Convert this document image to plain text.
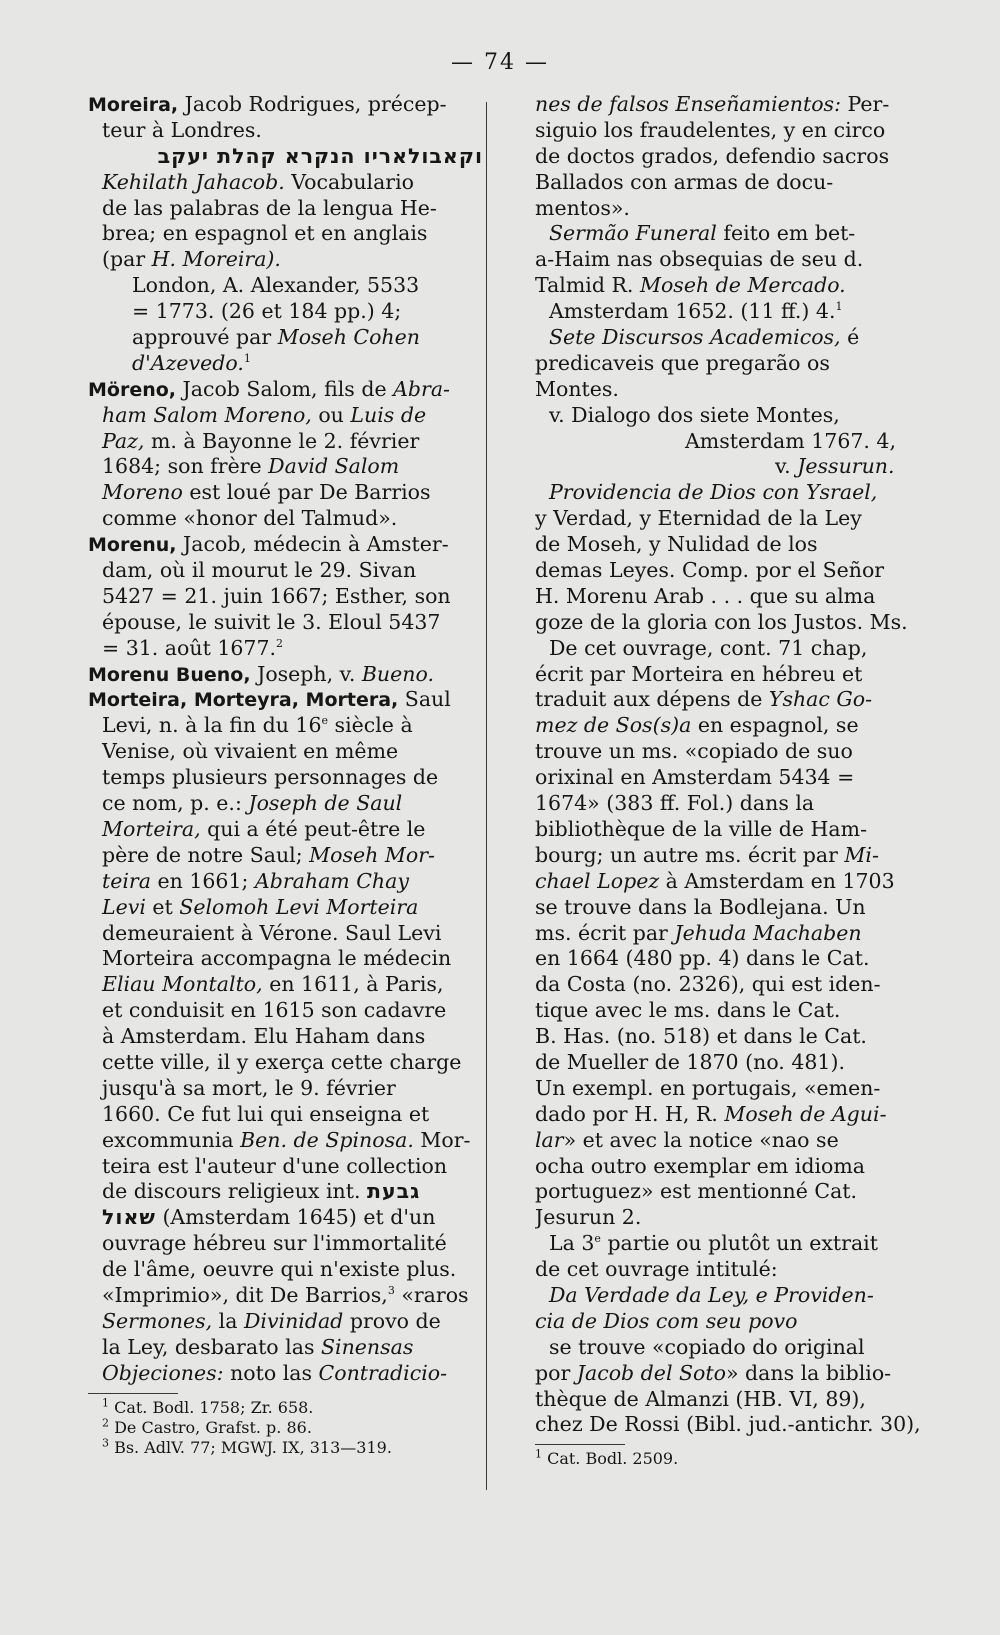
— 74 —
Moreira, Jacob Rodrigues, précep-
teur à Londres.
וקאבולאריו הנקרא קהלת יעקב
Kehilath Jahacob. Vocabulario
de las palabras de la lengua He-
brea; en espagnol et en anglais
(par H. Moreira).
London, A. Alexander, 5533
= 1773. (26 et 184 pp.) 4;
approuvé par Moseh Cohen
d'Azevedo.$^1$
Möreno, Jacob Salom, fils de Abra-
ham Salom Moreno, ou Luis de
Paz, m. à Bayonne le 2. février
1684; son frère David Salom
Moreno est loué par De Barrios
comme «honor del Talmud».
Morenu, Jacob, médecin à Amster-
dam, où il mourut le 29. Sivan
5427 = 21. juin 1667; Esther, son
épouse, le suivit le 3. Eloul 5437
= 31. août 1677.$^2$
Morenu Bueno, Joseph, v. Bueno.
Morteira, Morteyra, Mortera, Saul
Levi, n. à la fin du 16e siècle à
Venise, où vivaient en même
temps plusieurs personnages de
ce nom, p. e.: Joseph de Saul
Morteira, qui a été peut-être le
père de notre Saul; Moseh Mor-
teira en 1661; Abraham Chay
Levi et Selomoh Levi Morteira
demeuraient à Vérone. Saul Levi
Morteira accompagna le médecin
Eliau Montalto, en 1611, à Paris,
et conduisit en 1615 son cadavre
à Amsterdam. Elu Haham dans
cette ville, il y exerça cette charge
jusqu'à sa mort, le 9. février
1660. Ce fut lui qui enseigna et
excommunia Ben. de Spinosa. Mor-
teira est l'auteur d'une collection
de discours religieux int. גבעת
שאול (Amsterdam 1645) et d'un
ouvrage hébreu sur l'immortalité
de l'âme, oeuvre qui n'existe plus.
«Imprimio», dit De Barrios,$^3$ «raros
Sermones, la Divinidad provo de
la Ley, desbarato las Sinensas
Objeciones: noto las Contradicio-
$^1$ Cat. Bodl. 1758; Zr. 658.
$^2$ De Castro, Grafst. p. 86.
$^3$ Bs. AdlV. 77; MGWJ. IX, 313—319.
nes de falsos Enseñamientos: Per-
siguio los fraudelentes, y en circo
de doctos grados, defendio sacros
Ballados con armas de docu-
mentos».
Sermão Funeral feito em bet-
a-Haim nas obsequias de seu d.
Talmid R. Moseh de Mercado.
Amsterdam 1652. (11 ff.) 4.$^1$
Sete Discursos Academicos, é
predicaveis que pregarão os
Montes.
v. Dialogo dos siete Montes,
Amsterdam 1767. 4,
v. Jessurun.
Providencia de Dios con Ysrael,
y Verdad, y Eternidad de la Ley
de Moseh, y Nulidad de los
demas Leyes. Comp. por el Señor
H. Morenu Arab . . . que su alma
goze de la gloria con los Justos. Ms.
De cet ouvrage, cont. 71 chap,
écrit par Morteira en hébreu et
traduit aux dépens de Yshac Go-
mez de Sos(s)a en espagnol, se
trouve un ms. «copiado de suo
orixinal en Amsterdam 5434 =
1674» (383 ff. Fol.) dans la
bibliothèque de la ville de Ham-
bourg; un autre ms. écrit par Mi-
chael Lopez à Amsterdam en 1703
se trouve dans la Bodlejana. Un
ms. écrit par Jehuda Machaben
en 1664 (480 pp. 4) dans le Cat.
da Costa (no. 2326), qui est iden-
tique avec le ms. dans le Cat.
B. Has. (no. 518) et dans le Cat.
de Mueller de 1870 (no. 481).
Un exempl. en portugais, «emen-
dado por H. H, R. Moseh de Agui-
lar» et avec la notice «nao se
ocha outro exemplar em idioma
portuguez» est mentionné Cat.
Jesurun 2.
La 3e partie ou plutôt un extrait
de cet ouvrage intitulé:
Da Verdade da Ley, e Providen-
cia de Dios com seu povo
se trouve «copiado do original
por Jacob del Soto» dans la biblio-
thèque de Almanzi (HB. VI, 89),
chez De Rossi (Bibl. jud.-antichr. 30),
$^1$ Cat. Bodl. 2509.
